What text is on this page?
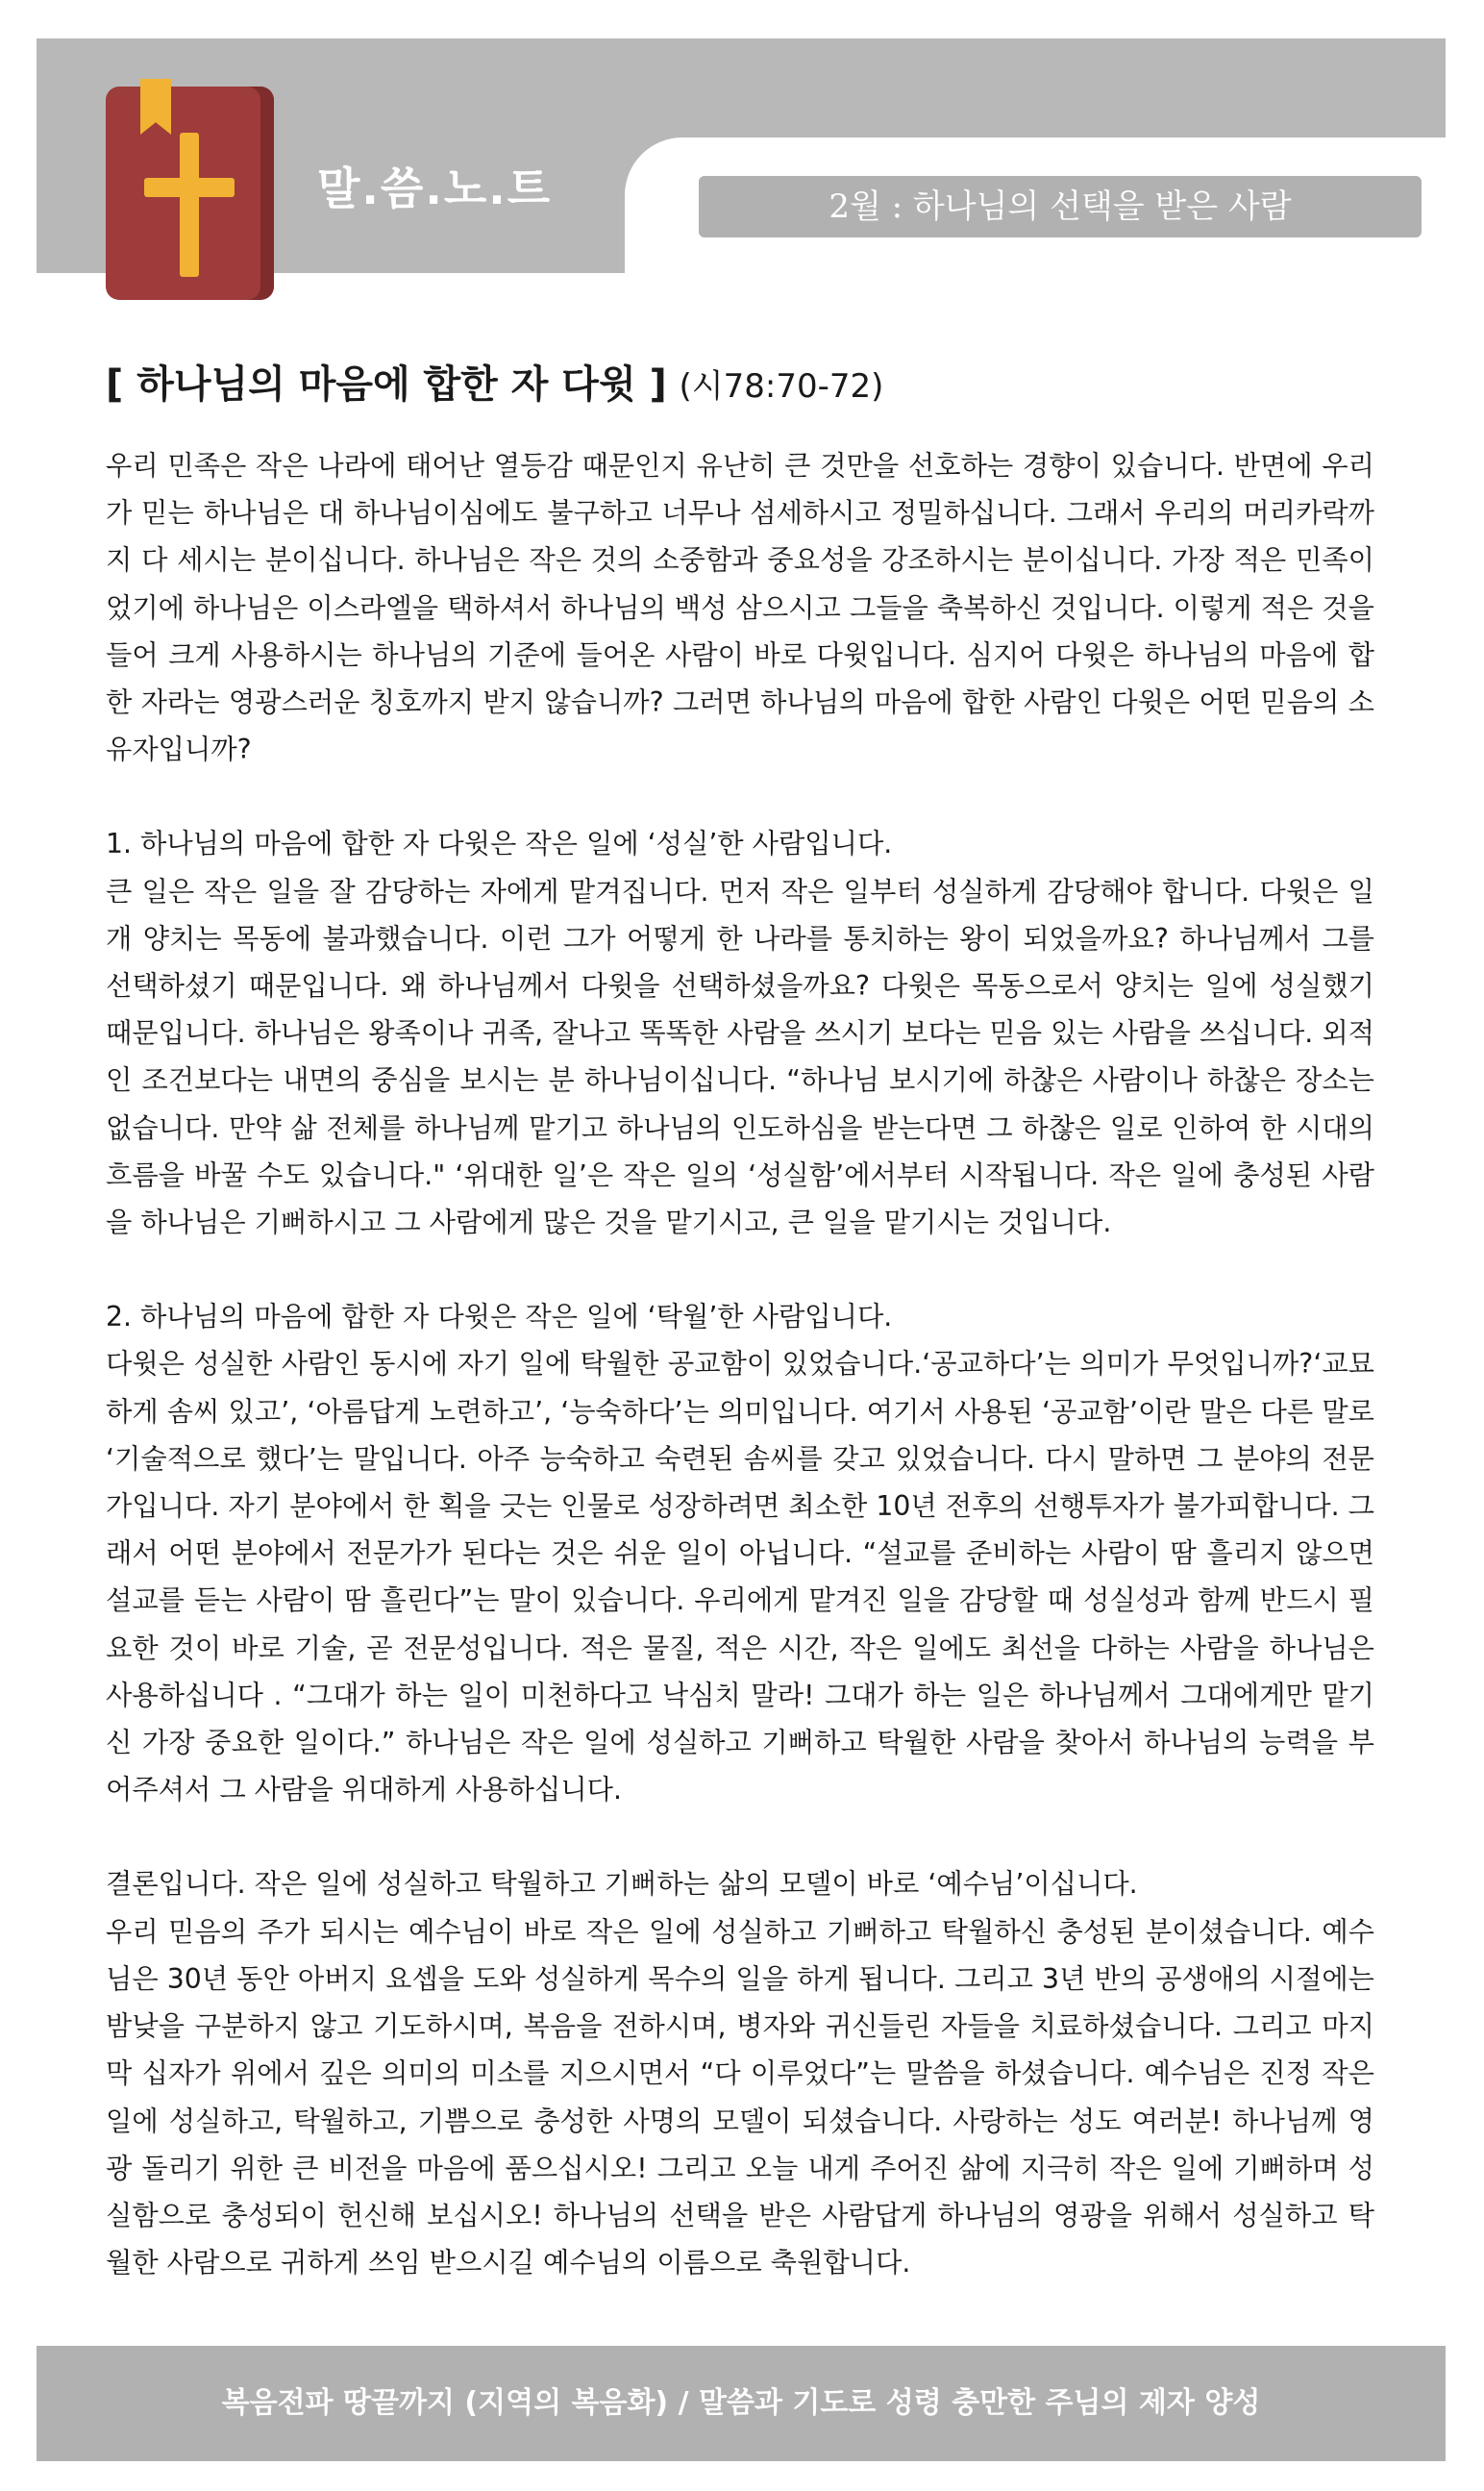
말.씀.노.트	2월 : 하나님의 선택을 받은 사람
[ 하나님의 마음에 합한 자 다윗 ] (시78:70-72)

우리 민족은 작은 나라에 태어난 열등감 때문인지 유난히 큰 것만을 선호하는 경향이 있습니다. 반면에 우리가 믿는 하나님은 대 하나님이심에도 불구하고 너무나 섬세하시고 정밀하십니다. 그래서 우리의 머리카락까지 다 세시는 분이십니다. 하나님은 작은 것의 소중함과 중요성을 강조하시는 분이십니다. 가장 적은 민족이었기에 하나님은 이스라엘을 택하셔서 하나님의 백성 삼으시고 그들을 축복하신 것입니다. 이렇게 적은 것을 들어 크게 사용하시는 하나님의 기준에 들어온 사람이 바로 다윗입니다. 심지어 다윗은 하나님의 마음에 합한 자라는 영광스러운 칭호까지 받지 않습니까? 그러면 하나님의 마음에 합한 사람인 다윗은 어떤 믿음의 소유자입니까?

1. 하나님의 마음에 합한 자 다윗은 작은 일에 ‘성실’한 사람입니다.

큰 일은 작은 일을 잘 감당하는 자에게 맡겨집니다. 먼저 작은 일부터 성실하게 감당해야 합니다. 다윗은 일개 양치는 목동에 불과했습니다. 이런 그가 어떻게 한 나라를 통치하는 왕이 되었을까요? 하나님께서 그를 선택하셨기 때문입니다. 왜 하나님께서 다윗을 선택하셨을까요? 다윗은 목동으로서 양치는 일에 성실했기 때문입니다. 하나님은 왕족이나 귀족, 잘나고 똑똑한 사람을 쓰시기 보다는 믿음 있는 사람을 쓰십니다. 외적인 조건보다는 내면의 중심을 보시는 분 하나님이십니다. “하나님 보시기에 하찮은 사람이나 하찮은 장소는 없습니다. 만약 삶 전체를 하나님께 맡기고 하나님의 인도하심을 받는다면 그 하찮은 일로 인하여 한 시대의 흐름을 바꿀 수도 있습니다." ‘위대한 일’은 작은 일의 ‘성실함’에서부터 시작됩니다. 작은 일에 충성된 사람을 하나님은 기뻐하시고 그 사람에게 많은 것을 맡기시고, 큰 일을 맡기시는 것입니다.

2. 하나님의 마음에 합한 자 다윗은 작은 일에 ‘탁월’한 사람입니다.

다윗은 성실한 사람인 동시에 자기 일에 탁월한 공교함이 있었습니다.‘공교하다’는 의미가 무엇입니까?‘교묘하게 솜씨 있고’, ‘아름답게 노련하고’, ‘능숙하다’는 의미입니다. 여기서 사용된 ‘공교함’이란 말은 다른 말로 ‘기술적으로 했다’는 말입니다. 아주 능숙하고 숙련된 솜씨를 갖고 있었습니다. 다시 말하면 그 분야의 전문가입니다. 자기 분야에서 한 획을 긋는 인물로 성장하려면 최소한 10년 전후의 선행투자가 불가피합니다. 그래서 어떤 분야에서 전문가가 된다는 것은 쉬운 일이 아닙니다. “설교를 준비하는 사람이 땀 흘리지 않으면 설교를 듣는 사람이 땀 흘린다”는 말이 있습니다. 우리에게 맡겨진 일을 감당할 때 성실성과 함께 반드시 필요한 것이 바로 기술, 곧 전문성입니다. 적은 물질, 적은 시간, 작은 일에도 최선을 다하는 사람을 하나님은 사용하십니다 . “그대가 하는 일이 미천하다고 낙심치 말라! 그대가 하는 일은 하나님께서 그대에게만 맡기신 가장 중요한 일이다.” 하나님은 작은 일에 성실하고 기뻐하고 탁월한 사람을 찾아서 하나님의 능력을 부어주셔서 그 사람을 위대하게 사용하십니다.

결론입니다. 작은 일에 성실하고 탁월하고 기뻐하는 삶의 모델이 바로 ‘예수님’이십니다.

우리 믿음의 주가 되시는 예수님이 바로 작은 일에 성실하고 기뻐하고 탁월하신 충성된 분이셨습니다. 예수님은 30년 동안 아버지 요셉을 도와 성실하게 목수의 일을 하게 됩니다. 그리고 3년 반의 공생애의 시절에는 밤낮을 구분하지 않고 기도하시며, 복음을 전하시며, 병자와 귀신들린 자들을 치료하셨습니다. 그리고 마지막 십자가 위에서 깊은 의미의 미소를 지으시면서 “다 이루었다”는 말씀을 하셨습니다. 예수님은 진정 작은 일에 성실하고, 탁월하고, 기쁨으로 충성한 사명의 모델이 되셨습니다. 사랑하는 성도 여러분! 하나님께 영광 돌리기 위한 큰 비전을 마음에 품으십시오! 그리고 오늘 내게 주어진 삶에 지극히 작은 일에 기뻐하며 성실함으로 충성되이 헌신해 보십시오! 하나님의 선택을 받은 사람답게 하나님의 영광을 위해서 성실하고 탁월한 사람으로 귀하게 쓰임 받으시길 예수님의 이름으로 축원합니다.

복음전파 땅끝까지 (지역의 복음화) / 말씀과 기도로 성령 충만한 주님의 제자 양성
